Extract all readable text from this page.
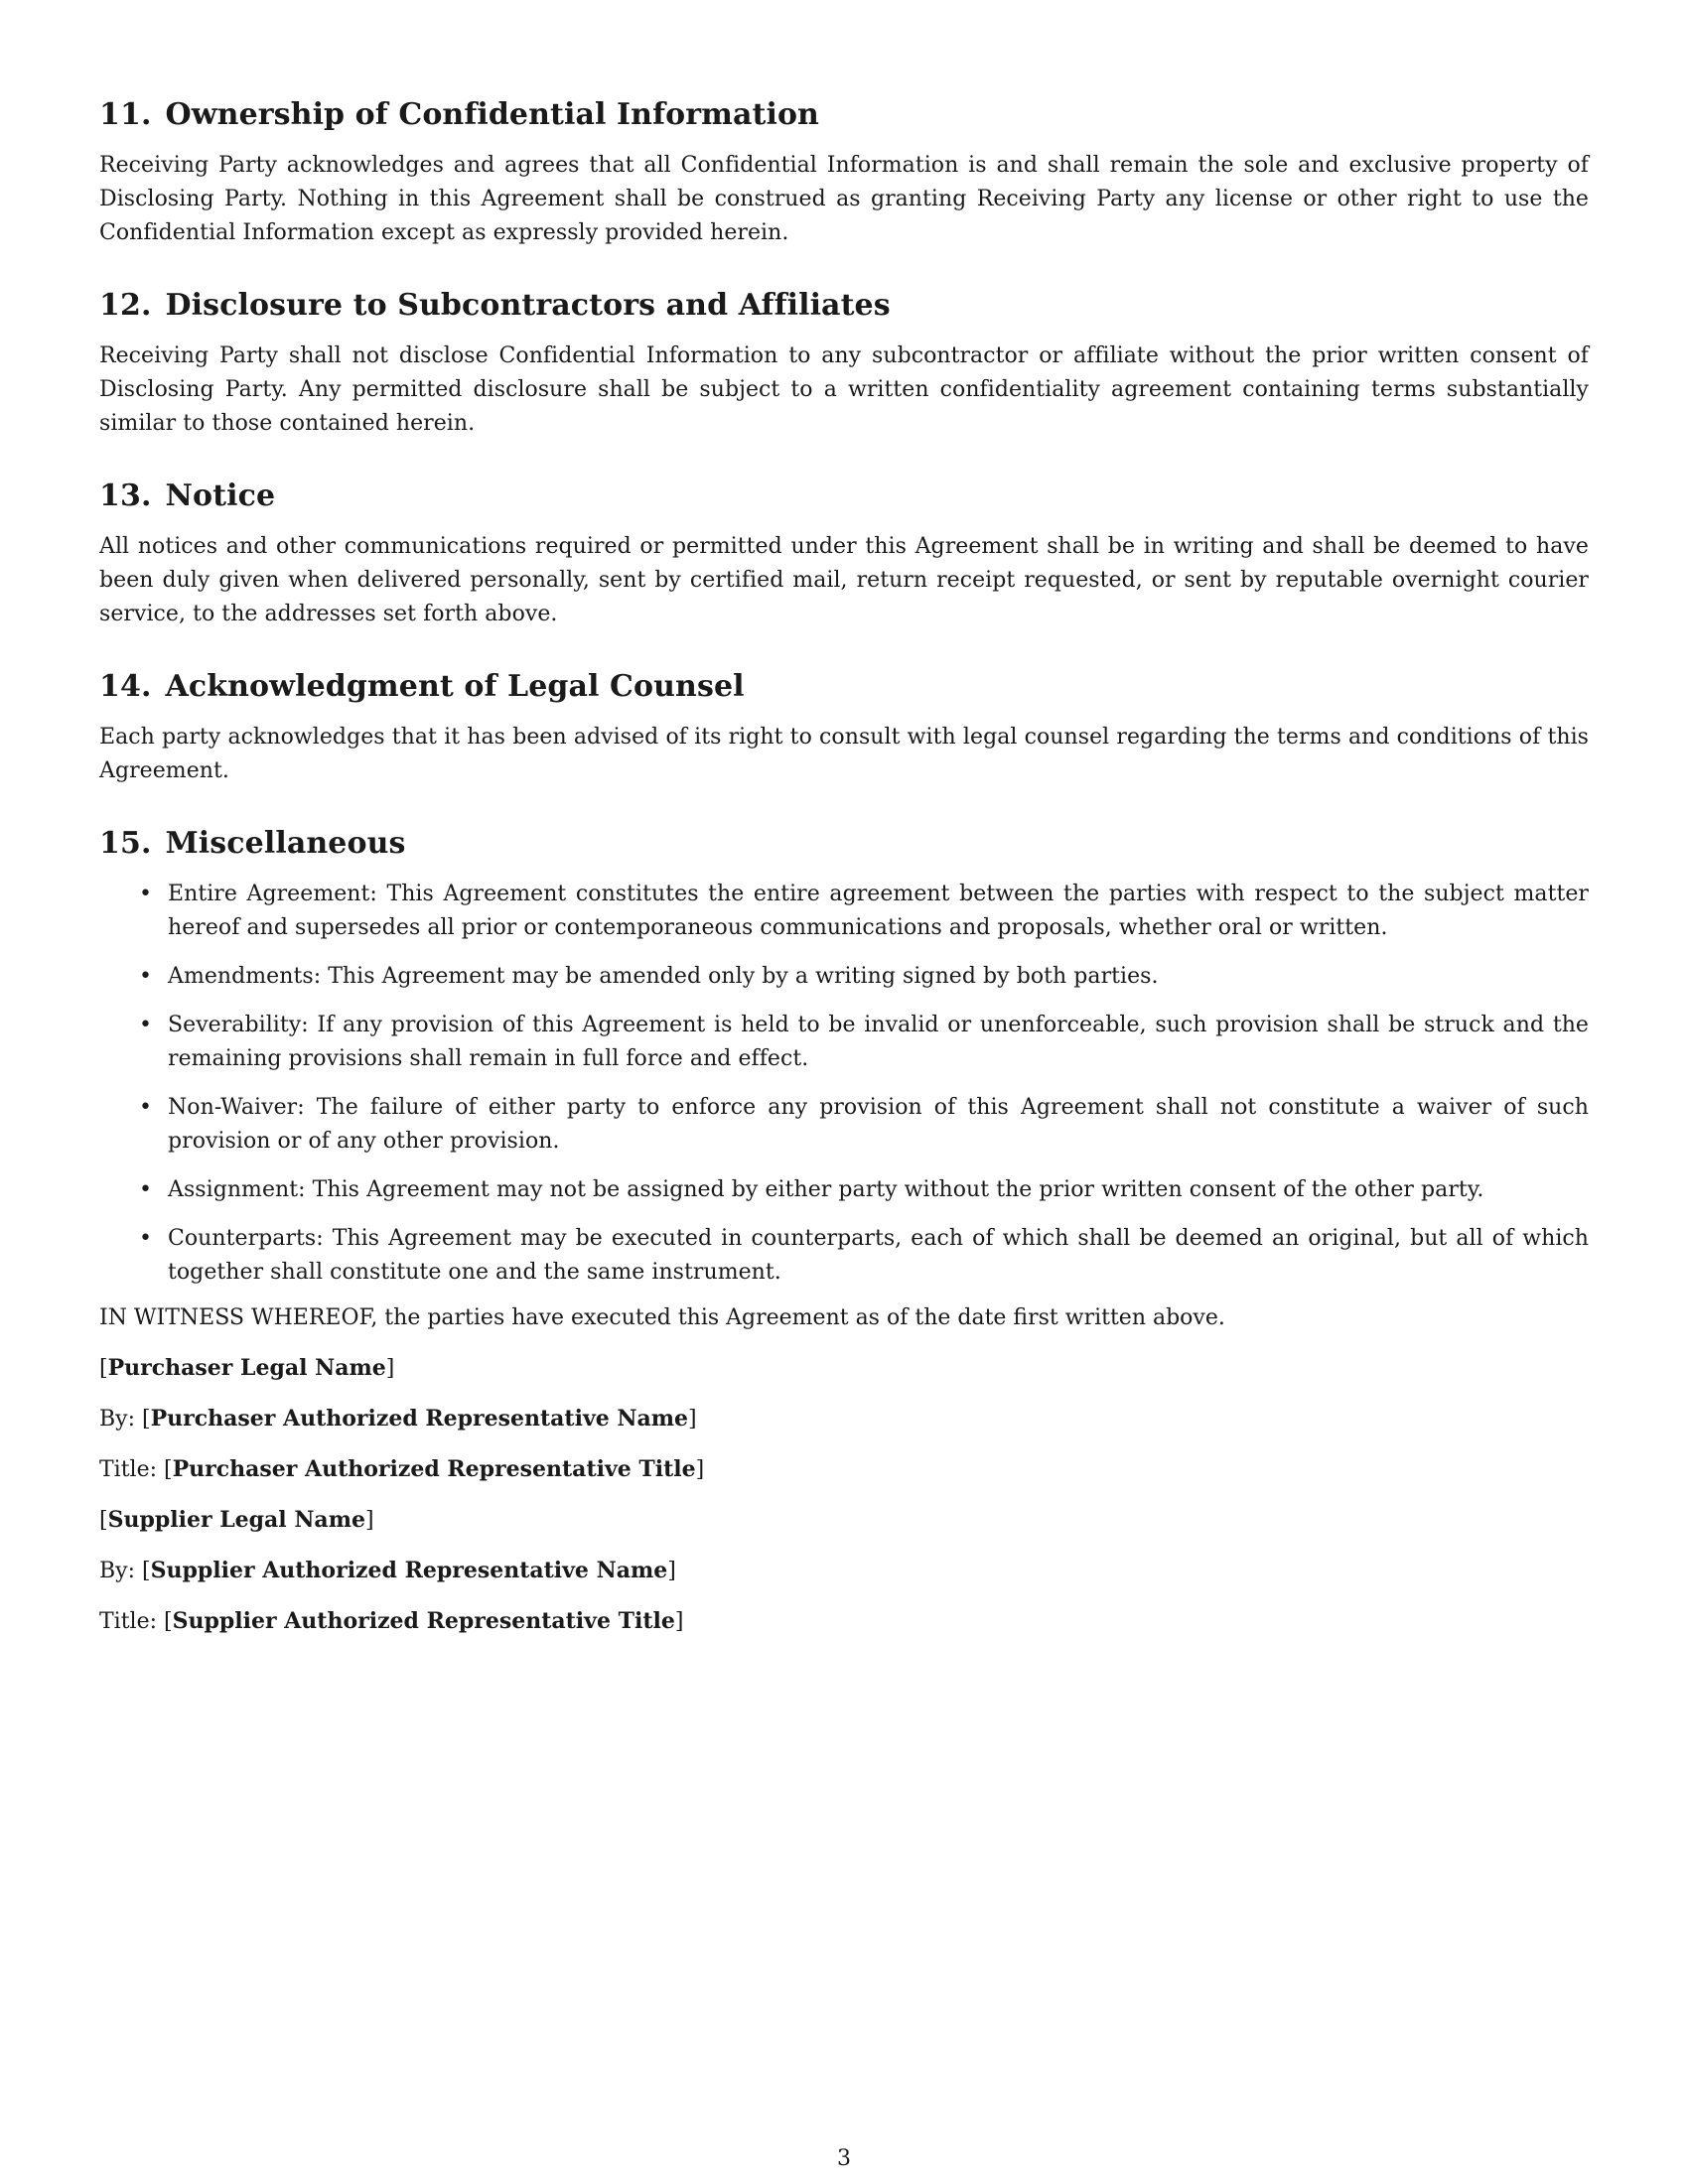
11. Ownership of Confidential Information

Receiving Party acknowledges and agrees that all Confidential Information is and shall remain the sole and exclusive property of Disclosing Party. Nothing in this Agreement shall be construed as granting Receiving Party any license or other right to use the Confidential Information except as expressly provided herein.

12. Disclosure to Subcontractors and Affiliates

Receiving Party shall not disclose Confidential Information to any subcontractor or affiliate without the prior written consent of Disclosing Party. Any permitted disclosure shall be subject to a written confidentiality agreement containing terms substantially similar to those contained herein.

13. Notice

All notices and other communications required or permitted under this Agreement shall be in writing and shall be deemed to have been duly given when delivered personally, sent by certified mail, return receipt requested, or sent by reputable overnight courier service, to the addresses set forth above.

14. Acknowledgment of Legal Counsel

Each party acknowledges that it has been advised of its right to consult with legal counsel regarding the terms and conditions of this Agreement.

15. Miscellaneous
• Entire Agreement: This Agreement constitutes the entire agreement between the parties with respect to the subject matter hereof and supersedes all prior or contemporaneous communications and proposals, whether oral or written.
• Amendments: This Agreement may be amended only by a writing signed by both parties.
• Severability: If any provision of this Agreement is held to be invalid or unenforceable, such provision shall be struck and the remaining provisions shall remain in full force and effect.
• Non-Waiver: The failure of either party to enforce any provision of this Agreement shall not constitute a waiver of such provision or of any other provision.
• Assignment: This Agreement may not be assigned by either party without the prior written consent of the other party.
• Counterparts: This Agreement may be executed in counterparts, each of which shall be deemed an original, but all of which together shall constitute one and the same instrument.

IN WITNESS WHEREOF, the parties have executed this Agreement as of the date first written above.

[Purchaser Legal Name]

By: [Purchaser Authorized Representative Name]

Title: [Purchaser Authorized Representative Title]

[Supplier Legal Name]

By: [Supplier Authorized Representative Name]

Title: [Supplier Authorized Representative Title]

3
